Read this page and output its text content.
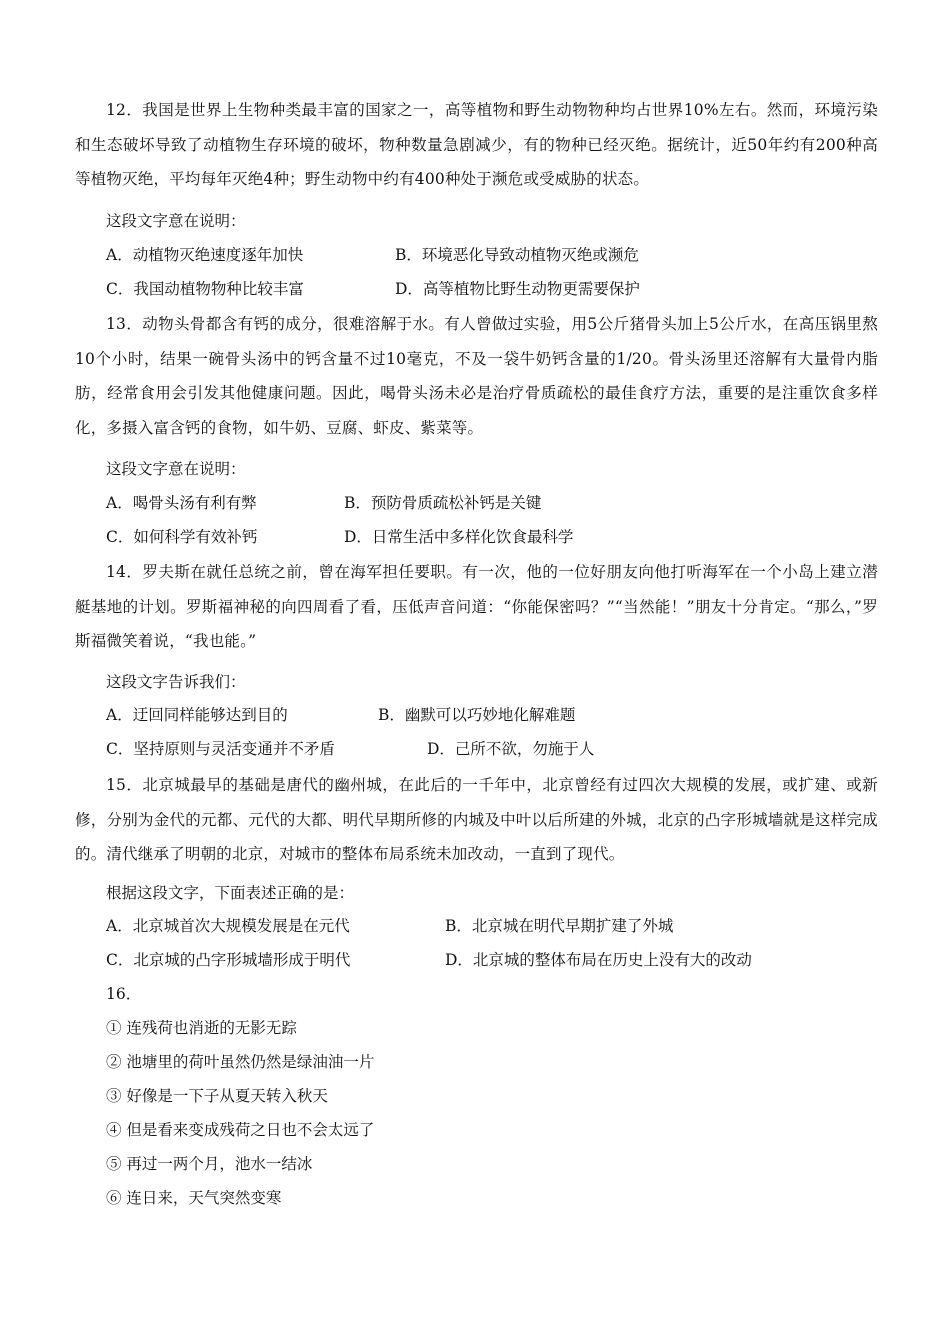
12．我国是世界上生物种类最丰富的国家之一，高等植物和野生动物物种均占世界10%左右。然而，环境污染和生态破坏导致了动植物生存环境的破坏，物种数量急剧减少，有的物种已经灭绝。据统计，近50年约有200种高等植物灭绝，平均每年灭绝4种；野生动物中约有400种处于濒危或受威胁的状态。

这段文字意在说明：
A．动植物灭绝速度逐年加快	B．环境恶化导致动植物灭绝或濒危
C．我国动植物物种比较丰富	D．高等植物比野生动物更需要保护

13．动物头骨都含有钙的成分，很难溶解于水。有人曾做过实验，用5公斤猪骨头加上5公斤水，在高压锅里熬10个小时，结果一碗骨头汤中的钙含量不过10毫克，不及一袋牛奶钙含量的1/20。骨头汤里还溶解有大量骨内脂肪，经常食用会引发其他健康问题。因此，喝骨头汤未必是治疗骨质疏松的最佳食疗方法，重要的是注重饮食多样化，多摄入富含钙的食物，如牛奶、豆腐、虾皮、紫菜等。

这段文字意在说明：
A．喝骨头汤有利有弊	B．预防骨质疏松补钙是关键
C．如何科学有效补钙	D．日常生活中多样化饮食最科学

14．罗夫斯在就任总统之前，曾在海军担任要职。有一次，他的一位好朋友向他打听海军在一个小岛上建立潜艇基地的计划。罗斯福神秘的向四周看了看，压低声音问道：“你能保密吗？”“当然能！”朋友十分肯定。“那么，”罗斯福微笑着说，“我也能。”

这段文字告诉我们：
A．迂回同样能够达到目的	B．幽默可以巧妙地化解难题
C．坚持原则与灵活变通并不矛盾	D．己所不欲，勿施于人

15．北京城最早的基础是唐代的幽州城，在此后的一千年中，北京曾经有过四次大规模的发展，或扩建、或新修，分别为金代的元都、元代的大都、明代早期所修的内城及中叶以后所建的外城，北京的凸字形城墙就是这样完成的。清代继承了明朝的北京，对城市的整体布局系统未加改动，一直到了现代。

根据这段文字，下面表述正确的是：
A．北京城首次大规模发展是在元代	B．北京城在明代早期扩建了外城
C．北京城的凸字形城墙形成于明代	D．北京城的整体布局在历史上没有大的改动
16．
① 连残荷也消逝的无影无踪
② 池塘里的荷叶虽然仍然是绿油油一片
③ 好像是一下子从夏天转入秋天
④ 但是看来变成残荷之日也不会太远了
⑤ 再过一两个月，池水一结冰
⑥ 连日来，天气突然变寒
